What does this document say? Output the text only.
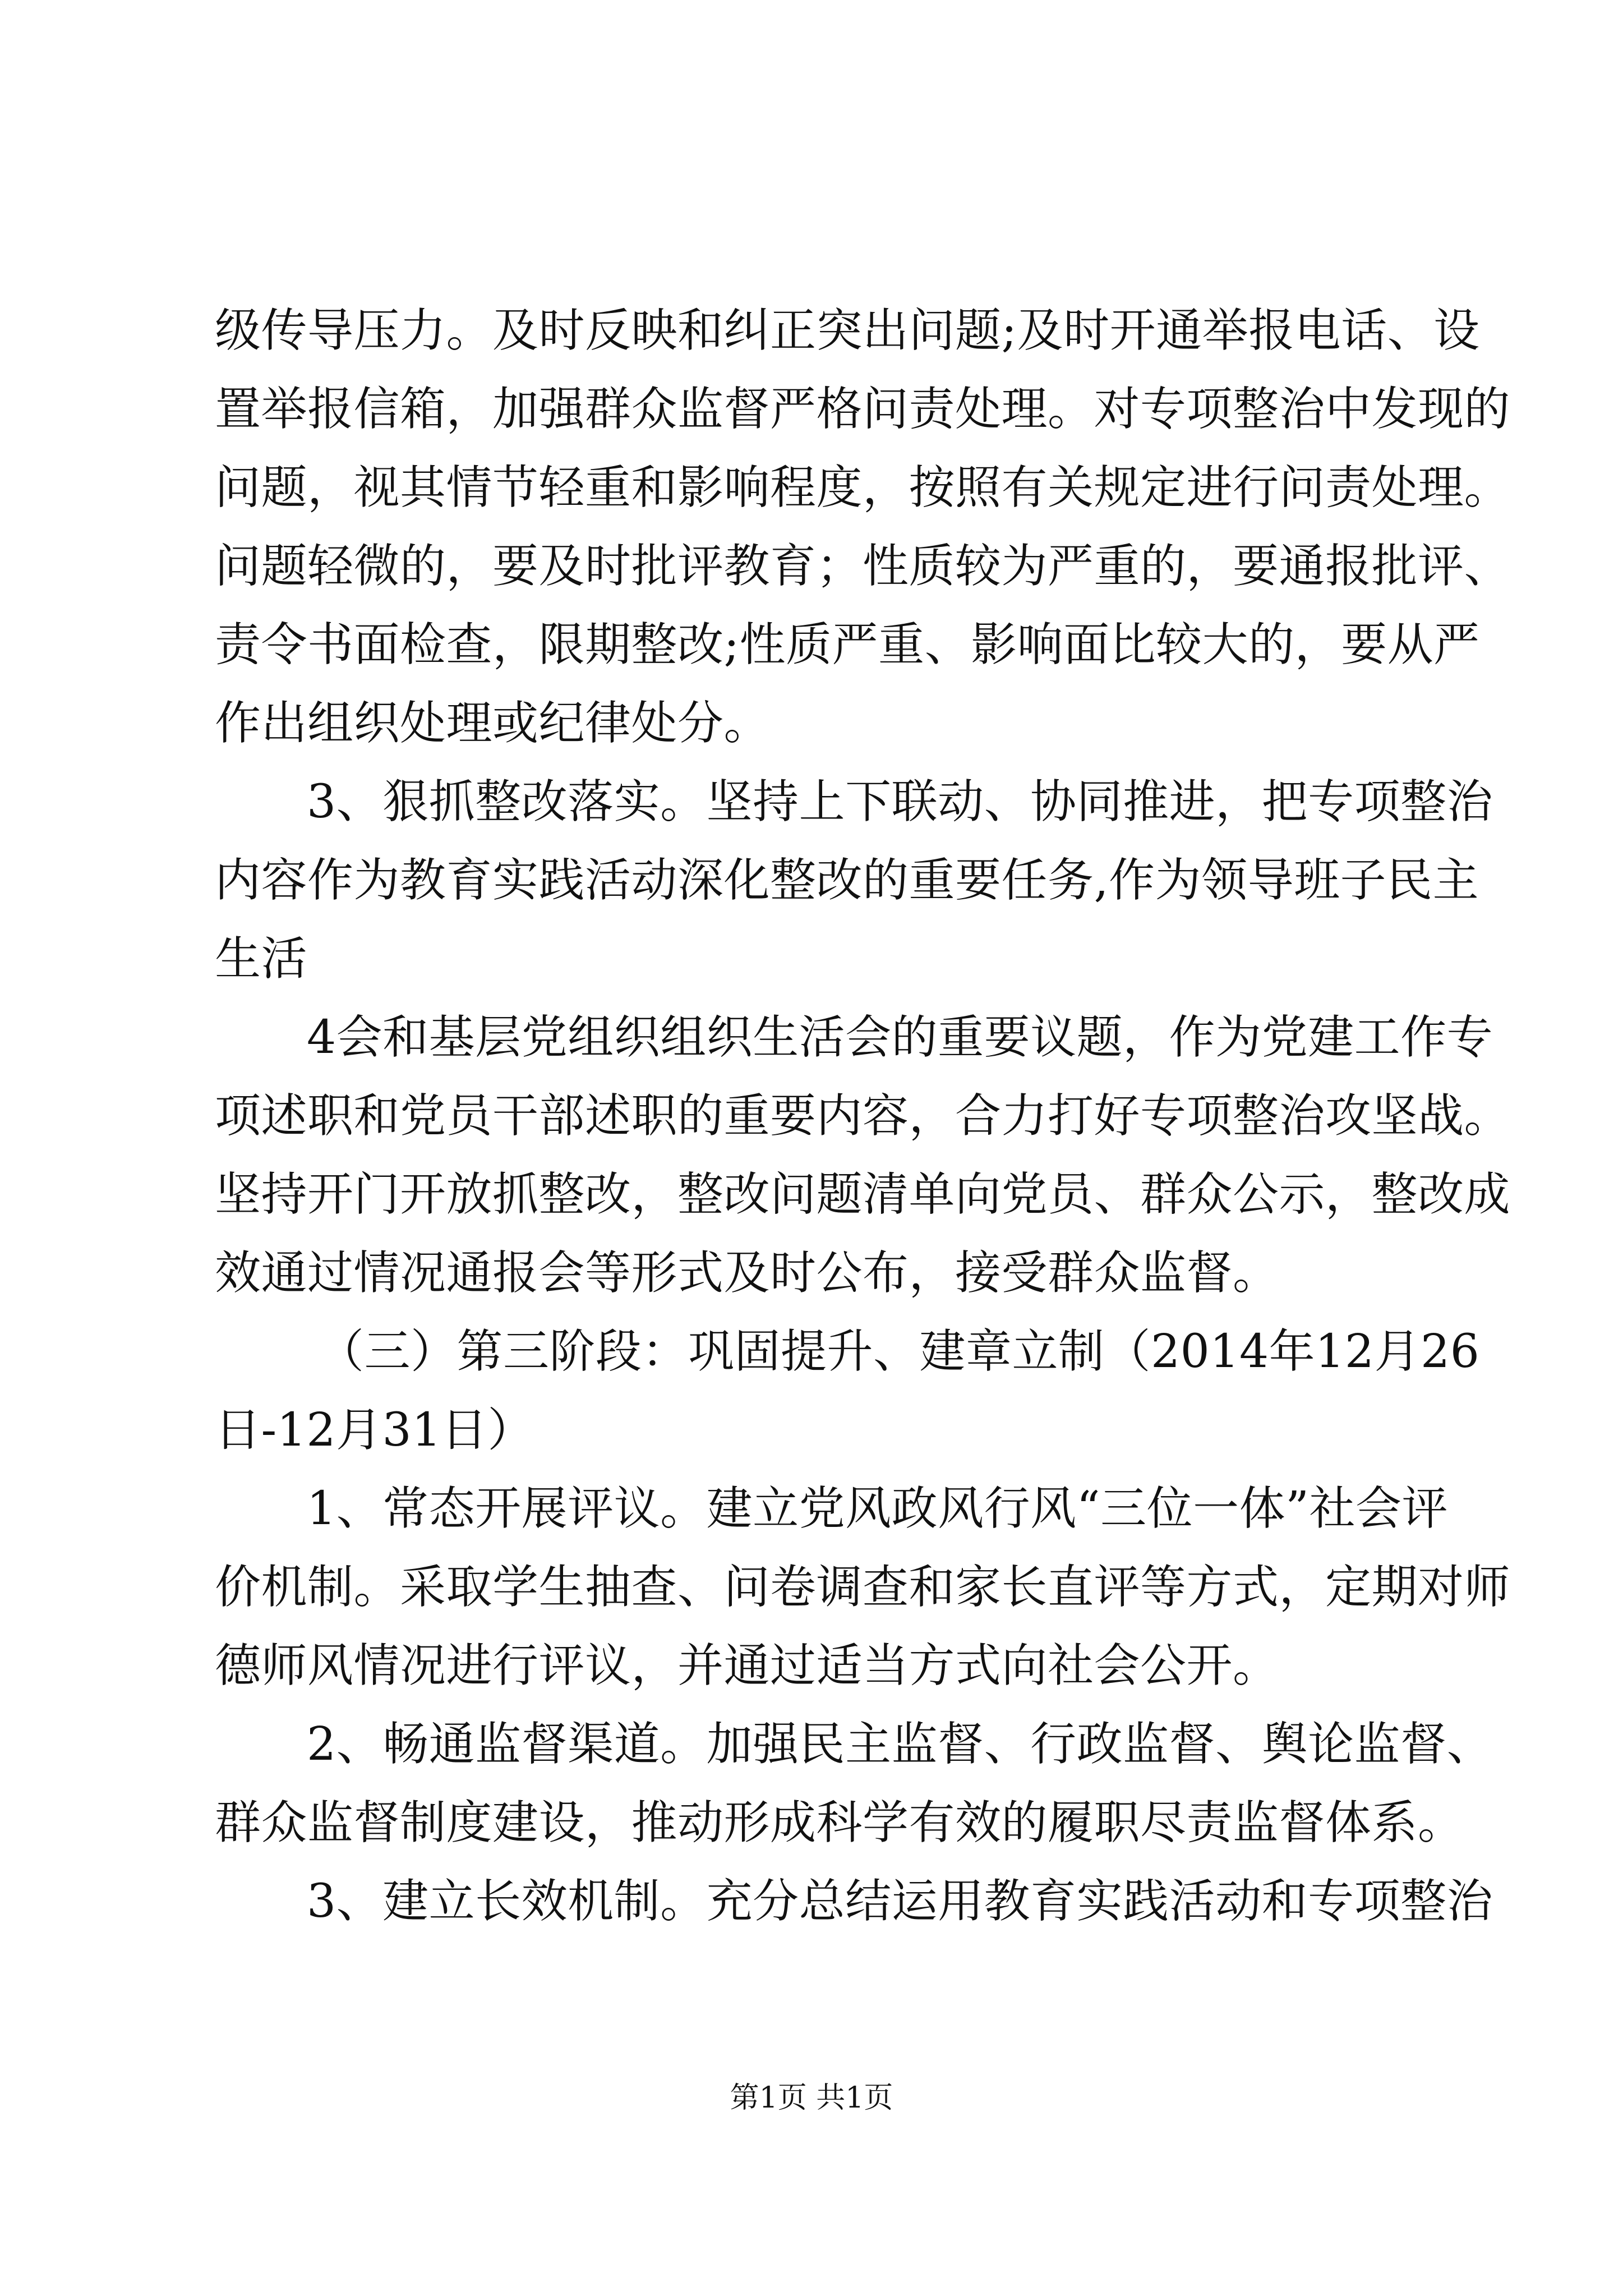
级传导压力。及时反映和纠正突出问题;及时开通举报电话、设
置举报信箱，加强群众监督严格问责处理。对专项整治中发现的
问题，视其情节轻重和影响程度，按照有关规定进行问责处理。
问题轻微的，要及时批评教育；性质较为严重的，要通报批评、
责令书面检查，限期整改;性质严重、影响面比较大的，要从严
作出组织处理或纪律处分。
3、狠抓整改落实。坚持上下联动、协同推进，把专项整治
内容作为教育实践活动深化整改的重要任务,作为领导班子民主
生活
4会和基层党组织组织生活会的重要议题，作为党建工作专
项述职和党员干部述职的重要内容，合力打好专项整治攻坚战。
坚持开门开放抓整改，整改问题清单向党员、群众公示，整改成
效通过情况通报会等形式及时公布，接受群众监督。
（三）第三阶段：巩固提升、建章立制（2014年12月26
日-12月31日）
1、常态开展评议。建立党风政风行风“三位一体”社会评
价机制。采取学生抽查、问卷调查和家长直评等方式，定期对师
德师风情况进行评议，并通过适当方式向社会公开。
2、畅通监督渠道。加强民主监督、行政监督、舆论监督、
群众监督制度建设，推动形成科学有效的履职尽责监督体系。
3、建立长效机制。充分总结运用教育实践活动和专项整治
第1页 共1页
